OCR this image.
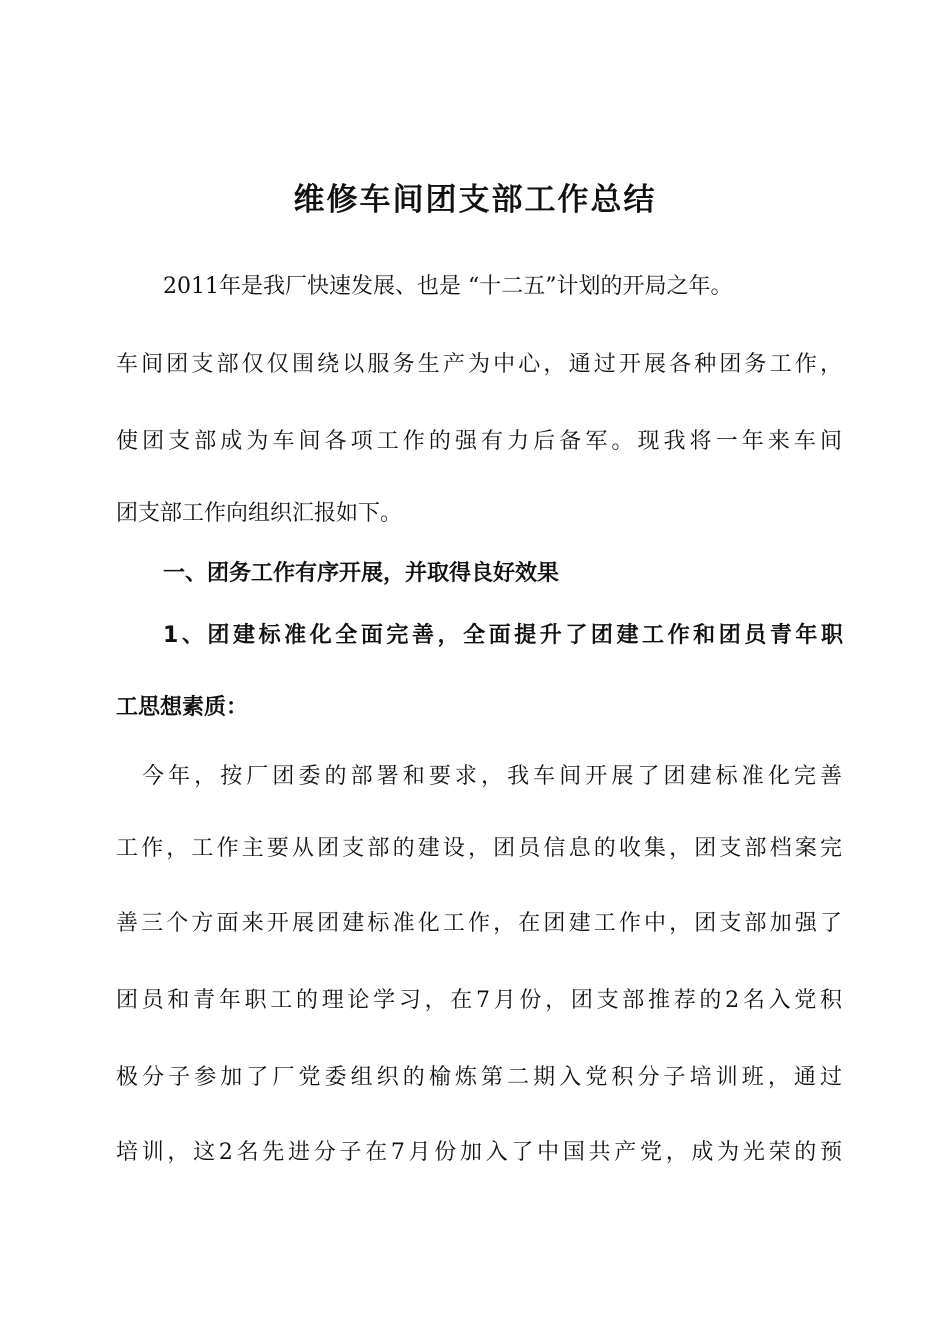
维修车间团支部工作总结
2011年是我厂快速发展、也是 “十二五”计划的开局之年。
车间团支部仅仅围绕以服务生产为中心，通过开展各种团务工作，
使团支部成为车间各项工作的强有力后备军。现我将一年来车间
团支部工作向组织汇报如下。
一、团务工作有序开展，并取得良好效果
1、团建标准化全面完善，全面提升了团建工作和团员青年职
工思想素质：
今年，按厂团委的部署和要求，我车间开展了团建标准化完善
工作，工作主要从团支部的建设，团员信息的收集，团支部档案完
善三个方面来开展团建标准化工作，在团建工作中，团支部加强了
团员和青年职工的理论学习，在7月份，团支部推荐的2名入党积
极分子参加了厂党委组织的榆炼第二期入党积分子培训班，通过
培训，这2名先进分子在7月份加入了中国共产党，成为光荣的预
